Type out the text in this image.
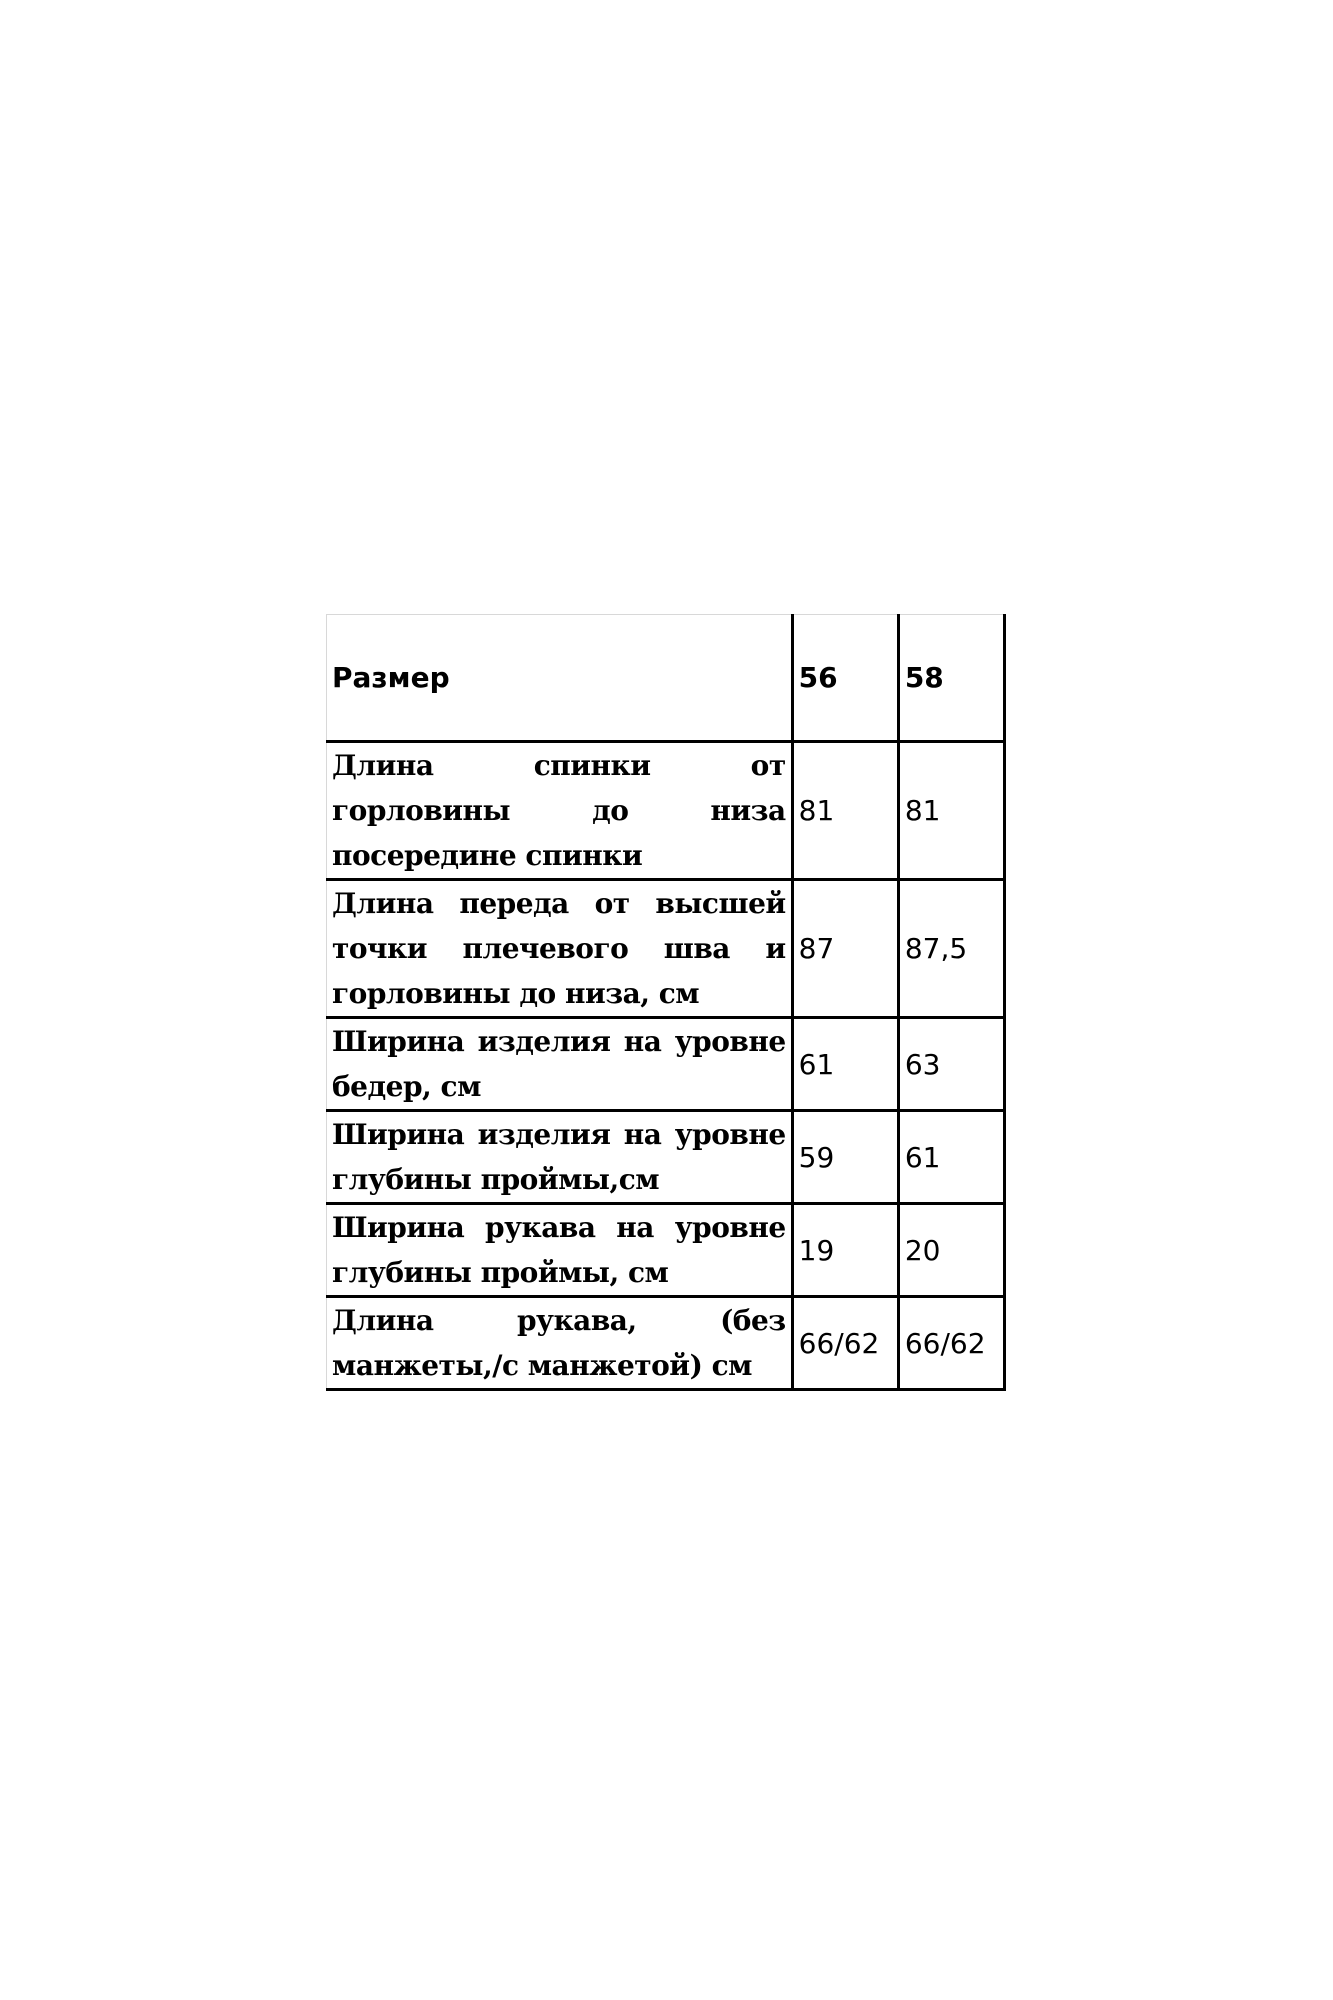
Размер	56	58
Длина спинки от горловины до низа посередине спинки	81	81
Длина переда от высшей точки плечевого шва и горловины до низа, см	87	87,5
Ширина изделия на уровне бедер, см	61	63
Ширина изделия на уровне глубины проймы,см	59	61
Ширина рукава на уровне глубины проймы, см	19	20
Длина рукава, (без манжеты,/с манжетой) см	66/62	66/62
